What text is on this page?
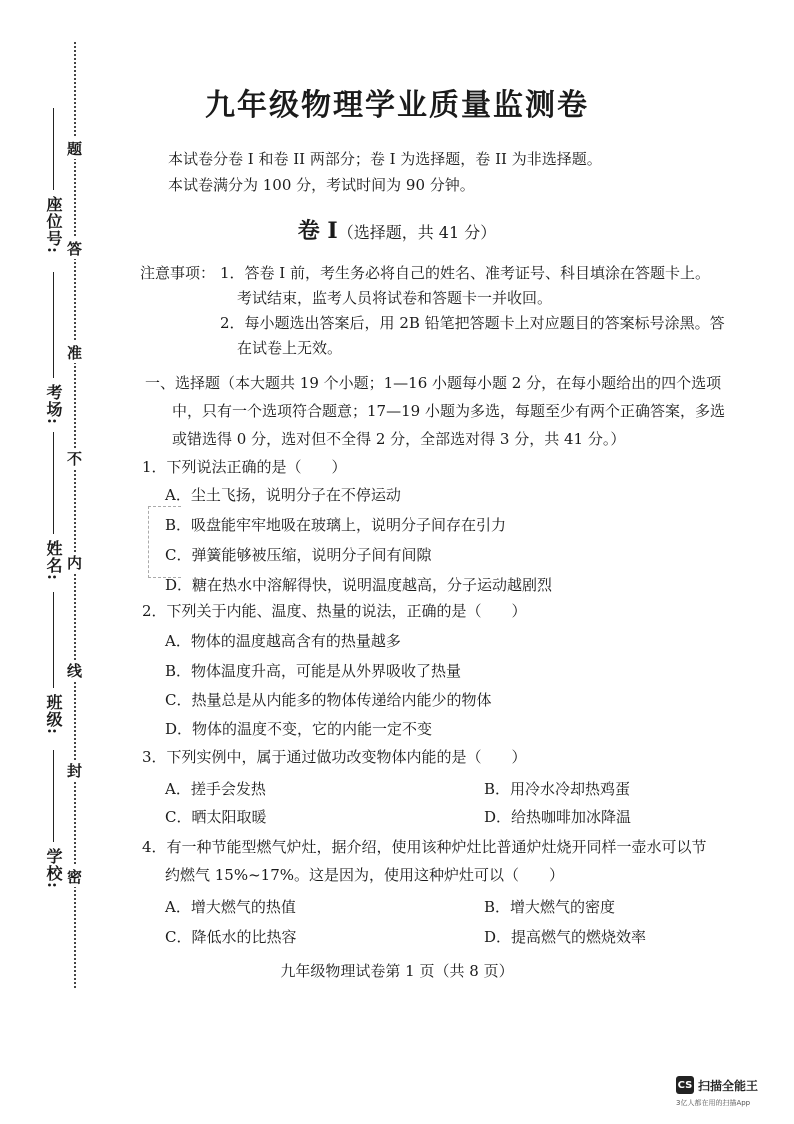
座位号:
考场:
姓名:
班级:
学校:
题
答
准
不
内
线
封
密
九年级物理学业质量监测卷
本试卷分卷 I 和卷 II 两部分；卷 I 为选择题，卷 II 为非选择题。
本试卷满分为 100 分，考试时间为 90 分钟。
卷 I（选择题，共 41 分）
注意事项： 1．答卷 I 前，考生务必将自己的姓名、准考证号、科目填涂在答题卡上。
考试结束，监考人员将试卷和答题卡一并收回。
2．每小题选出答案后，用 2B 铅笔把答题卡上对应题目的答案标号涂黑。答
在试卷上无效。
一、选择题（本大题共 19 个小题；1—16 小题每小题 2 分，在每小题给出的四个选项
中，只有一个选项符合题意；17—19 小题为多选，每题至少有两个正确答案，多选
或错选得 0 分，选对但不全得 2 分，全部选对得 3 分，共 41 分。）
1．下列说法正确的是（　　）
A．尘土飞扬，说明分子在不停运动
B．吸盘能牢牢地吸在玻璃上，说明分子间存在引力
C．弹簧能够被压缩，说明分子间有间隙
D．糖在热水中溶解得快，说明温度越高，分子运动越剧烈
2．下列关于内能、温度、热量的说法，正确的是（　　）
A．物体的温度越高含有的热量越多
B．物体温度升高，可能是从外界吸收了热量
C．热量总是从内能多的物体传递给内能少的物体
D．物体的温度不变，它的内能一定不变
3．下列实例中，属于通过做功改变物体内能的是（　　）
A．搓手会发热	B．用冷水冷却热鸡蛋
C．晒太阳取暖	D．给热咖啡加冰降温
4．有一种节能型燃气炉灶，据介绍，使用该种炉灶比普通炉灶烧开同样一壶水可以节
约燃气 15%~17%。这是因为，使用这种炉灶可以（　　）
A．增大燃气的热值	B．增大燃气的密度
C．降低水的比热容	D．提高燃气的燃烧效率
九年级物理试卷第 1 页（共 8 页）
CS 扫描全能王
3亿人都在用的扫描App
